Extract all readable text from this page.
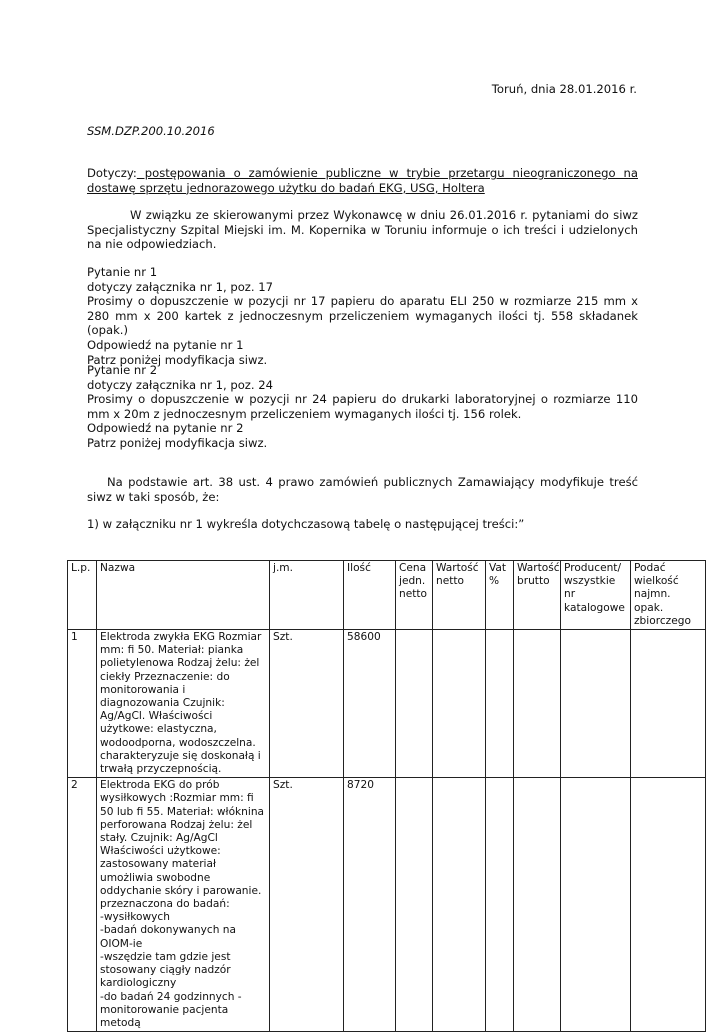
Toruń, dnia 28.01.2016 r.
SSM.DZP.200.10.2016
Dotyczy: postępowania o zamówienie publiczne w trybie przetargu nieograniczonego na dostawę sprzętu jednorazowego użytku do badań EKG, USG, Holtera
W związku ze skierowanymi przez Wykonawcę w dniu 26.01.2016 r. pytaniami do siwz Specjalistyczny Szpital Miejski im. M. Kopernika w Toruniu informuje o ich treści i udzielonych na nie odpowiedziach.
Pytanie nr 1
dotyczy załącznika nr 1, poz. 17
Prosimy o dopuszczenie w pozycji nr 17 papieru do aparatu ELI 250 w rozmiarze 215 mm x 280 mm x 200 kartek z jednoczesnym przeliczeniem wymaganych ilości tj. 558 składanek (opak.)
Odpowiedź na pytanie nr 1
Patrz poniżej modyfikacja siwz.
Pytanie nr 2
dotyczy załącznika nr 1, poz. 24
Prosimy o dopuszczenie w pozycji nr 24 papieru do drukarki laboratoryjnej o rozmiarze 110 mm x 20m z jednoczesnym przeliczeniem wymaganych ilości tj. 156 rolek.
Odpowiedź na pytanie nr 2
Patrz poniżej modyfikacja siwz.
Na podstawie art. 38 ust. 4 prawo zamówień publicznych Zamawiający modyfikuje treść siwz w taki sposób, że:
1) w załączniku nr 1 wykreśla dotychczasową tabelę o następującej treści:”
L.p.	Nazwa	j.m.	Ilość	Cena jedn. netto	Wartość netto	Vat %	Wartość brutto	Producent/ wszystkie nr katalogowe	Podać wielkość najmn. opak. zbiorczego
1	Elektroda zwykła EKG Rozmiar mm: fi 50. Materiał: pianka polietylenowa Rodzaj żelu: żel ciekły Przeznaczenie: do monitorowania i diagnozowania Czujnik: Ag/AgCl. Właściwości użytkowe: elastyczna, wodoodporna, wodoszczelna. charakteryzuje się doskonałą i trwałą przyczepnością.	Szt.	58600						
2	Elektroda EKG do prób wysiłkowych :Rozmiar mm: fi 50 lub fi 55. Materiał: włóknina perforowana Rodzaj żelu: żel stały. Czujnik: Ag/AgCl Właściwości użytkowe: zastosowany materiał umożliwia swobodne oddychanie skóry i parowanie. przeznaczona do badań:
-wysiłkowych
-badań dokonywanych na OIOM-ie
-wszędzie tam gdzie jest stosowany ciągły nadzór kardiologiczny
-do badań 24 godzinnych - monitorowanie pacjenta metodą	Szt.	8720						
